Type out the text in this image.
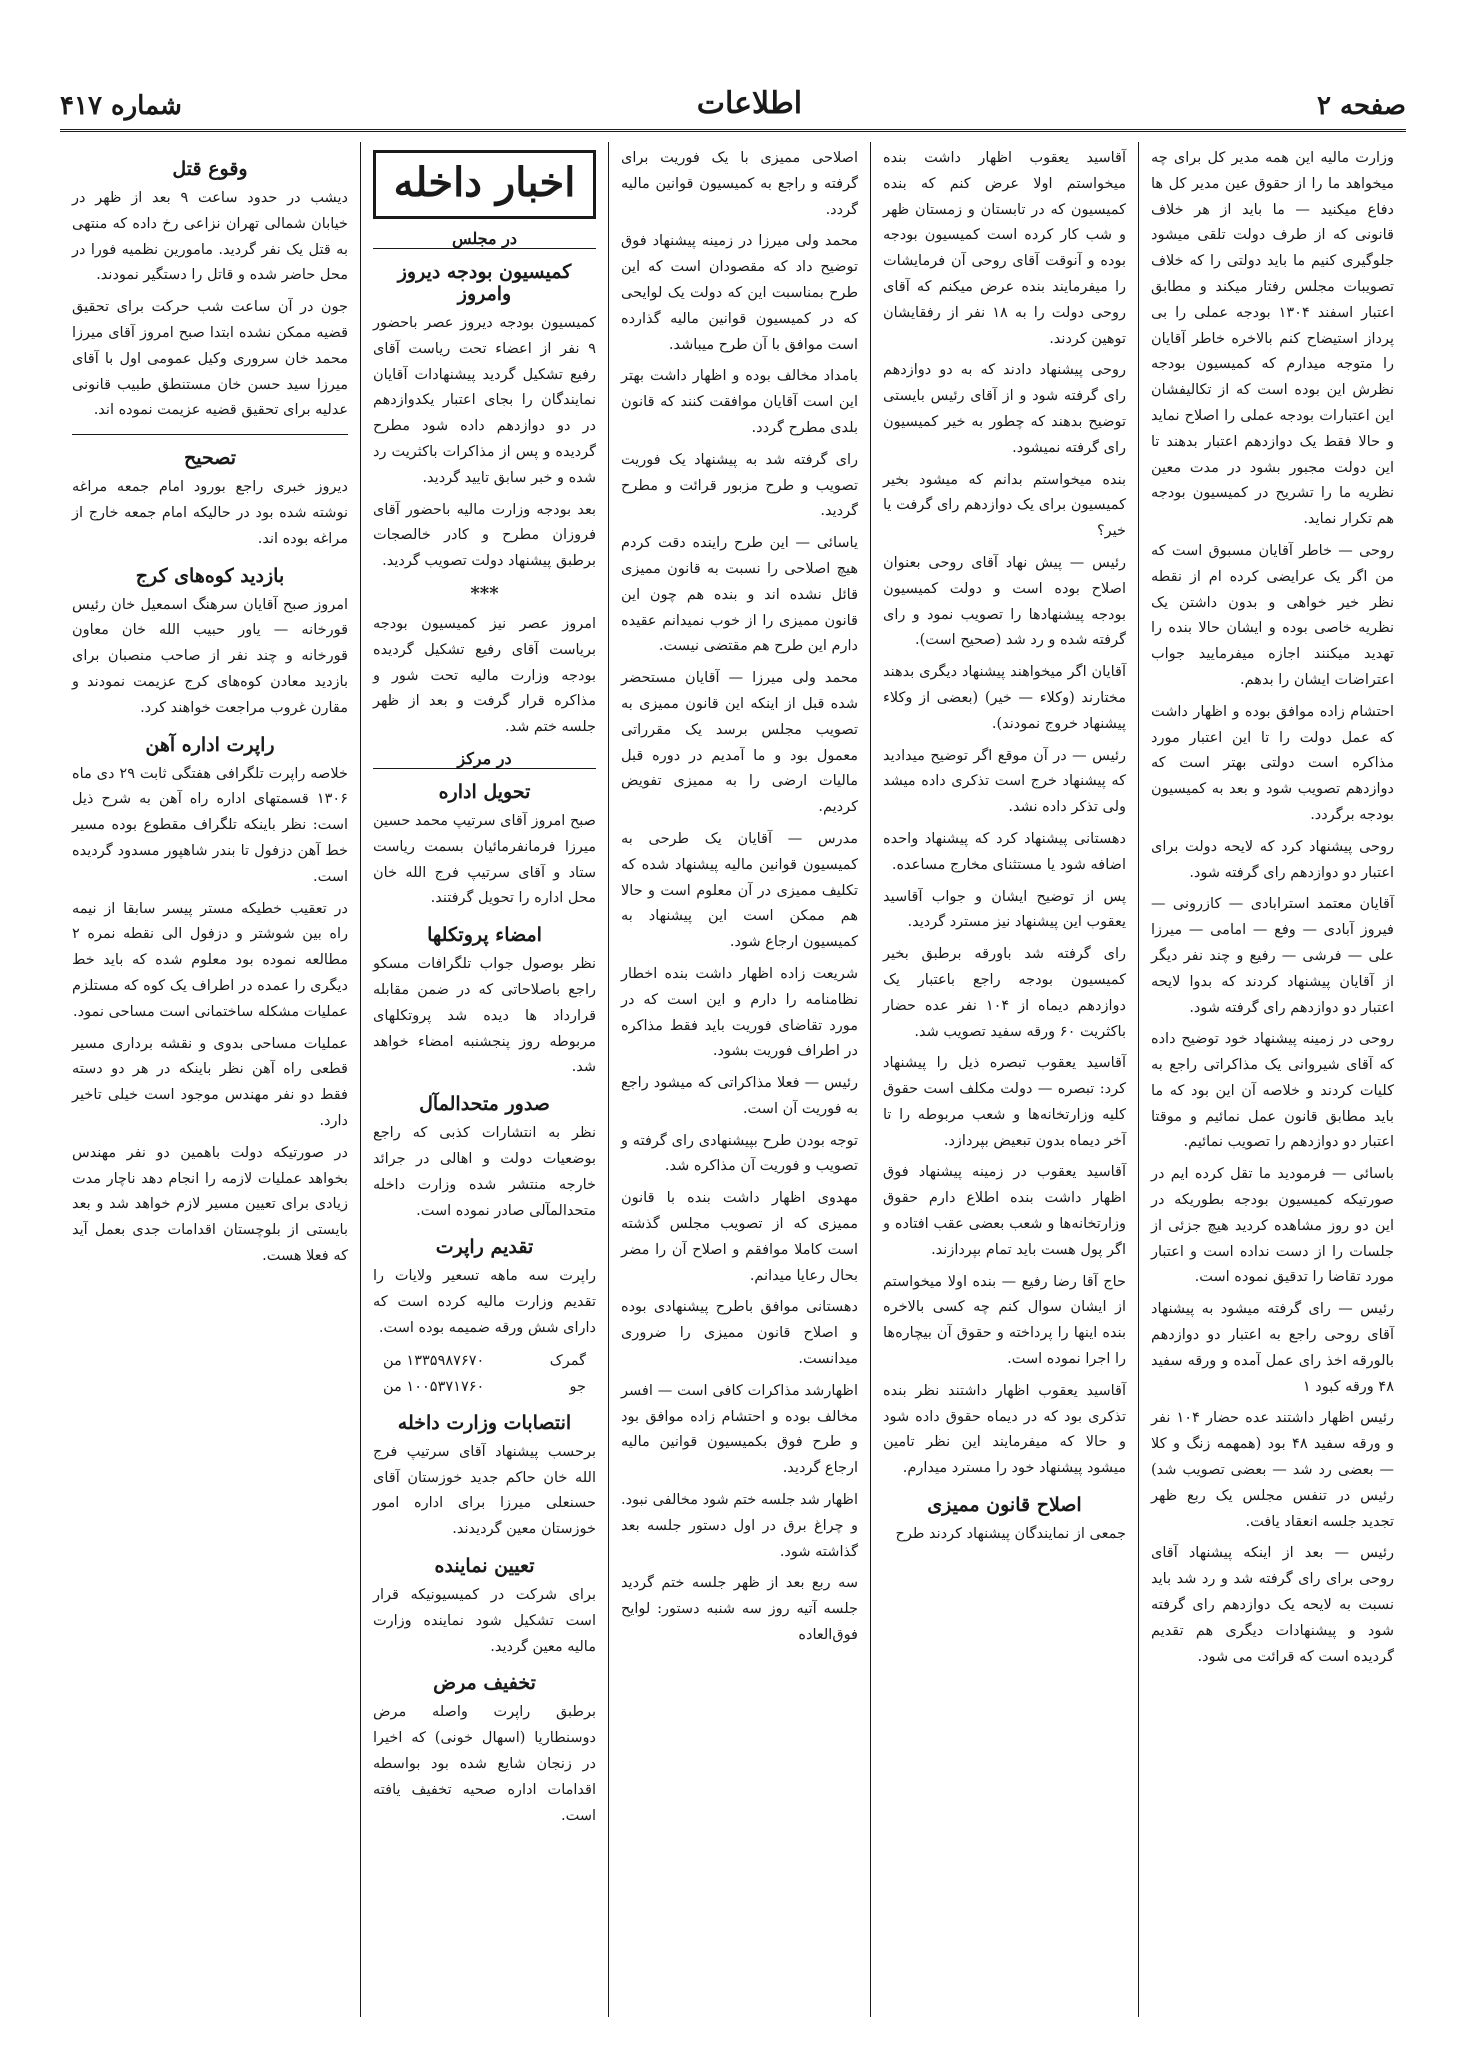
صفحه ۲
اطلاعات
شماره ۴۱۷

وزارت مالیه این همه مدیر کل برای چه میخواهد ما را از حقوق عین مدیر کل ها دفاع میکنید — ما باید از هر خلاف قانونی که از طرف دولت تلقی میشود جلوگیری کنیم ما باید دولتی را که خلاف تصویبات مجلس رفتار میکند و مطابق اعتبار اسفند ۱۳۰۴ بودجه عملی را بی پرداز استیضاح کنم بالاخره خاطر آقایان را متوجه میدارم که کمیسیون بودجه نظرش این بوده است که از تکالیفشان این اعتبارات بودجه عملی را اصلاح نماید و حالا فقط یک دوازدهم اعتبار بدهند تا این دولت مجبور بشود در مدت معین نظریه ما را تشریح در کمیسیون بودجه هم تکرار نماید.

روحی — خاطر آقایان مسبوق است که من اگر یک عرایضی کرده ام از نقطه نظر خیر خواهی و بدون داشتن یک نظریه خاصی بوده و ایشان حالا بنده را تهدید میکنند اجازه میفرمایید جواب اعتراضات ایشان را بدهم.

احتشام زاده موافق بوده و اظهار داشت که عمل دولت را تا این اعتبار مورد مذاکره است دولتی بهتر است که دوازدهم تصویب شود و بعد به کمیسیون بودجه برگردد.

روحی پیشنهاد کرد که لایحه دولت برای اعتبار دو دوازدهم رای گرفته شود.

آقایان معتمد استرابادی — کازرونی — فیروز آبادی — وفع — امامی — میرزا علی — فرشی — رفیع و چند نفر دیگر از آقایان پیشنهاد کردند که بدوا لایحه اعتبار دو دوازدهم رای گرفته شود.

روحی در زمینه پیشنهاد خود توضیح داده که آقای شیروانی یک مذاکراتی راجع به کلیات کردند و خلاصه آن این بود که ما باید مطابق قانون عمل نمائیم و موقتا اعتبار دو دوازدهم را تصویب نمائیم.

باسائی — فرمودید ما تقل کرده ایم در صورتیکه کمیسیون بودجه بطوریکه در این دو روز مشاهده کردید هیچ جزئی از جلسات را از دست نداده است و اعتبار مورد تقاضا را تدقیق نموده است.

رئیس — رای گرفته میشود به پیشنهاد آقای روحی راجع به اعتبار دو دوازدهم بالورقه اخذ رای عمل آمده و ورقه سفید ۴۸ ورقه کبود ۱

رئیس اظهار داشتند عده حضار ۱۰۴ نفر و ورقه سفید ۴۸ بود (همهمه زنگ و کلا — بعضی رد شد — بعضی تصویب شد) رئیس در تنفس مجلس یک ربع ظهر تجدید جلسه انعقاد یافت.

رئیس — بعد از اینکه پیشنهاد آقای روحی برای رای گرفته شد و رد شد باید نسبت به لایحه یک دوازدهم رای گرفته شود و پیشنهادات دیگری هم تقدیم گردیده است که قرائت می شود.

آقاسید یعقوب اظهار داشت بنده میخواستم اولا عرض کنم که بنده کمیسیون که در تابستان و زمستان ظهر و شب کار کرده است کمیسیون بودجه بوده و آنوقت آقای روحی آن فرمایشات را میفرمایند بنده عرض میکنم که آقای روحی دولت را به ۱۸ نفر از رفقایشان توهین کردند.

روحی پیشنهاد دادند که به دو دوازدهم رای گرفته شود و از آقای رئیس بایستی توضیح بدهند که چطور به خیر کمیسیون رای گرفته نمیشود.

بنده میخواستم بدانم که میشود بخیر کمیسیون برای یک دوازدهم رای گرفت یا خیر؟

رئیس — پیش نهاد آقای روحی بعنوان اصلاح بوده است و دولت کمیسیون بودجه پیشنهادها را تصویب نمود و رای گرفته شده و رد شد (صحیح است).

آقایان اگر میخواهند پیشنهاد دیگری بدهند مختارند (وکلاء — خیر) (بعضی از وکلاء پیشنهاد خروج نمودند).

رئیس — در آن موقع اگر توضیح میدادید که پیشنهاد خرج است تذکری داده میشد ولی تذکر داده نشد.

دهستانی پیشنهاد کرد که پیشنهاد واحده اضافه شود یا مستثنای مخارج مساعده.

پس از توضیح ایشان و جواب آقاسید یعقوب این پیشنهاد نیز مسترد گردید.

رای گرفته شد باورقه برطبق بخیر کمیسیون بودجه راجع باعتبار یک دوازدهم دیماه از ۱۰۴ نفر عده حضار باکثریت ۶۰ ورقه سفید تصویب شد.

آقاسید یعقوب تبصره ذیل را پیشنهاد کرد: تبصره — دولت مکلف است حقوق کلیه وزارتخانه‌ها و شعب مربوطه را تا آخر دیماه بدون تبعیض بپردازد.

آقاسید یعقوب در زمینه پیشنهاد فوق اظهار داشت بنده اطلاع دارم حقوق وزارتخانه‌ها و شعب بعضی عقب افتاده و اگر پول هست باید تمام بپردازند.

حاج آقا رضا رفیع — بنده اولا میخواستم از ایشان سوال کنم چه کسی بالاخره بنده اینها را پرداخته و حقوق آن بیچاره‌ها را اجرا نموده است.

آقاسید یعقوب اظهار داشتند نظر بنده تذکری بود که در دیماه حقوق داده شود و حالا که میفرمایند این نظر تامین میشود پیشنهاد خود را مسترد میدارم.

اصلاح قانون ممیزی

جمعی از نمایندگان پیشنهاد کردند طرح

اصلاحی ممیزی با یک فوریت برای گرفته و راجع به کمیسیون قوانین مالیه گردد.

محمد ولی میرزا در زمینه پیشنهاد فوق توضیح داد که مقصودان است که این طرح بمناسبت این که دولت یک لوایحی که در کمیسیون قوانین مالیه گذارده است موافق با آن طرح میباشد.

بامداد مخالف بوده و اظهار داشت بهتر این است آقایان موافقت کنند که قانون بلدی مطرح گردد.

رای گرفته شد به پیشنهاد یک فوریت تصویب و طرح مزبور قرائت و مطرح گردید.

یاسائی — این طرح راینده دقت کردم هیچ اصلاحی را نسبت به قانون ممیزی قائل نشده اند و بنده هم چون این قانون ممیزی را از خوب نمیدانم عقیده دارم این طرح هم مقتضی نیست.

محمد ولی میرزا — آقایان مستحضر شده قبل از اینکه این قانون ممیزی به تصویب مجلس برسد یک مقرراتی معمول بود و ما آمدیم در دوره قبل مالیات ارضی را به ممیزی تفویض کردیم.

مدرس — آقایان یک طرحی به کمیسیون قوانین مالیه پیشنهاد شده که تکلیف ممیزی در آن معلوم است و حالا هم ممکن است این پیشنهاد به کمیسیون ارجاع شود.

شریعت زاده اظهار داشت بنده اخطار نظامنامه را دارم و این است که در مورد تقاضای فوریت باید فقط مذاکره در اطراف فوریت بشود.

رئیس — فعلا مذاکراتی که میشود راجع به فوریت آن است.

توجه بودن طرح بپیشنهادی رای گرفته و تصویب و فوریت آن مذاکره شد.

مهدوی اظهار داشت بنده با قانون ممیزی که از تصویب مجلس گذشته است کاملا موافقم و اصلاح آن را مضر بحال رعایا میدانم.

دهستانی موافق باطرح پیشنهادی بوده و اصلاح قانون ممیزی را ضروری میدانست.

اظهارشد مذاکرات کافی است — افسر مخالف بوده و احتشام زاده موافق بود و طرح فوق بکمیسیون قوانین مالیه ارجاع گردید.

اظهار شد جلسه ختم شود مخالفی نبود. و چراغ برق در اول دستور جلسه بعد گذاشته شود.

سه ربع بعد از ظهر جلسه ختم گردید جلسه آتیه روز سه شنبه دستور: لوایح فوق‌العاده

اخبار داخله
در مجلس
کمیسیون بودجه دیروز وامروز

کمیسیون بودجه دیروز عصر باحضور ۹ نفر از اعضاء تحت ریاست آقای رفیع تشکیل گردید پیشنهادات آقایان نمایندگان را بجای اعتبار یکدوازدهم در دو دوازدهم داده شود مطرح گردیده و پس از مذاکرات باکثریت رد شده و خبر سابق تایید گردید.

بعد بودجه وزارت مالیه باحضور آقای فروزان مطرح و کادر خالصجات برطبق پیشنهاد دولت تصویب گردید.

***

امروز عصر نیز کمیسیون بودجه بریاست آقای رفیع تشکیل گردیده بودجه وزارت مالیه تحت شور و مذاکره قرار گرفت و بعد از ظهر جلسه ختم شد.

در مرکز
تحویل اداره

صبح امروز آقای سرتیپ محمد حسین میرزا فرمانفرمائیان بسمت ریاست ستاد و آقای سرتیپ فرج الله خان محل اداره را تحویل گرفتند.

امضاء پروتکلها

نظر بوصول جواب تلگرافات مسکو راجع باصلاحاتی که در ضمن مقابله قرارداد ها دیده شد پروتکلهای مربوطه روز پنجشنبه امضاء خواهد شد.

صدور متحدالمآل

نظر به انتشارات کذبی که راجع بوضعیات دولت و اهالی در جرائد خارجه منتشر شده وزارت داخله متحدالمآلی صادر نموده است.

تقدیم راپرت

راپرت سه ماهه تسعیر ولایات را تقدیم وزارت مالیه کرده است که دارای شش ورقه ضمیمه بوده است.

گمرک
۱۳۳۵۹۸۷۶۷۰ من
جو
۱۰۰۵۳۷۱۷۶۰ من
انتصابات وزارت داخله

برحسب پیشنهاد آقای سرتیپ فرج الله خان حاکم جدید خوزستان آقای حسنعلی میرزا برای اداره امور خوزستان معین گردیدند.

تعیین نماینده

برای شرکت در کمیسیونیکه قرار است تشکیل شود نماینده وزارت مالیه معین گردید.

تخفیف مرض

برطبق راپرت واصله مرض دوسنطاریا (اسهال خونی) که اخیرا در زنجان شایع شده بود بواسطه اقدامات اداره صحیه تخفیف یافته است.

وقوع قتل

دیشب در حدود ساعت ۹ بعد از ظهر در خیابان شمالی تهران نزاعی رخ داده که منتهی به قتل یک نفر گردید. مامورین نظمیه فورا در محل حاضر شده و قاتل را دستگیر نمودند.

جون در آن ساعت شب حرکت برای تحقیق قضیه ممکن نشده ابتدا صبح امروز آقای میرزا محمد خان سروری وکیل عمومی اول با آقای میرزا سید حسن خان مستنطق طبیب قانونی عدلیه برای تحقیق قضیه عزیمت نموده اند.

تصحیح

دیروز خبری راجع بورود امام جمعه مراغه نوشته شده بود در حالیکه امام جمعه خارج از مراغه بوده اند.

بازدید کوه‌های کرج

امروز صبح آقایان سرهنگ اسمعیل خان رئیس قورخانه — یاور حبیب الله خان معاون قورخانه و چند نفر از صاحب منصبان برای بازدید معادن کوه‌های کرج عزیمت نمودند و مقارن غروب مراجعت خواهند کرد.

راپرت اداره آهن

خلاصه راپرت تلگرافی هفتگی ثابت ۲۹ دی ماه ۱۳۰۶ قسمتهای اداره راه آهن به شرح ذیل است: نظر باینکه تلگراف مقطوع بوده مسیر خط آهن دزفول تا بندر شاهپور مسدود گردیده است.

در تعقیب خطیکه مستر پیسر سابقا از نیمه راه بین شوشتر و دزفول الی نقطه نمره ۲ مطالعه نموده بود معلوم شده که باید خط دیگری را عمده در اطراف یک کوه که مستلزم عملیات مشکله ساختمانی است مساحی نمود.

عملیات مساحی بدوی و نقشه برداری مسیر قطعی راه آهن نظر باینکه در هر دو دسته فقط دو نفر مهندس موجود است خیلی تاخیر دارد.

در صورتیکه دولت باهمین دو نفر مهندس بخواهد عملیات لازمه را انجام دهد ناچار مدت زیادی برای تعیین مسیر لازم خواهد شد و بعد بایستی از بلوچستان اقدامات جدی بعمل آید که فعلا هست.
